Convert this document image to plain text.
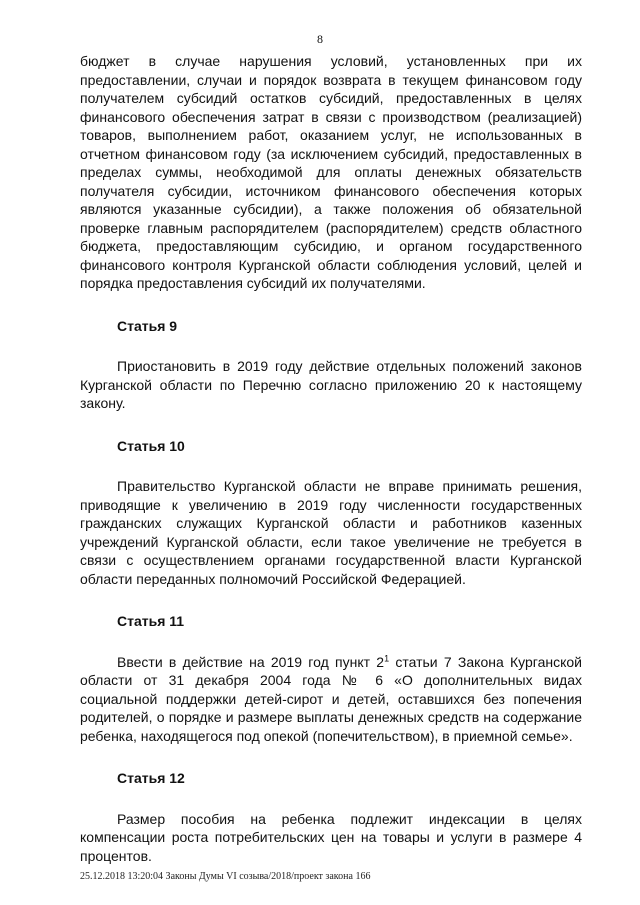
8

бюджет в случае нарушения условий, установленных при их предоставлении, случаи и порядок возврата в текущем финансовом году получателем субсидий остатков субсидий, предоставленных в целях финансового обеспечения затрат в связи с производством (реализацией) товаров, выполнением работ, оказанием услуг, не использованных в отчетном финансовом году (за исключением субсидий, предоставленных в пределах суммы, необходимой для оплаты денежных обязательств получателя субсидии, источником финансового обеспечения которых являются указанные субсидии), а также положения об обязательной проверке главным распорядителем (распорядителем) средств областного бюджета, предоставляющим субсидию, и органом государственного финансового контроля Курганской области соблюдения условий, целей и порядка предоставления субсидий их получателями.

Статья 9

Приостановить в 2019 году действие отдельных положений законов Курганской области по Перечню согласно приложению 20 к настоящему закону.

Статья 10

Правительство Курганской области не вправе принимать решения, приводящие к увеличению в 2019 году численности государственных гражданских служащих Курганской области и работников казенных учреждений Курганской области, если такое увеличение не требуется в связи с осуществлением органами государственной власти Курганской области переданных полномочий Российской Федерацией.

Статья 11

Ввести в действие на 2019 год пункт $2^1$ статьи 7 Закона Курганской области от 31 декабря 2004 года № 6 «О дополнительных видах социальной поддержки детей-сирот и детей, оставшихся без попечения родителей, о порядке и размере выплаты денежных средств на содержание ребенка, находящегося под опекой (попечительством), в приемной семье».

Статья 12

Размер пособия на ребенка подлежит индексации в целях компенсации роста потребительских цен на товары и услуги в размере 4 процентов.

25.12.2018 13:20:04 Законы Думы VI созыва/2018/проект закона 166
